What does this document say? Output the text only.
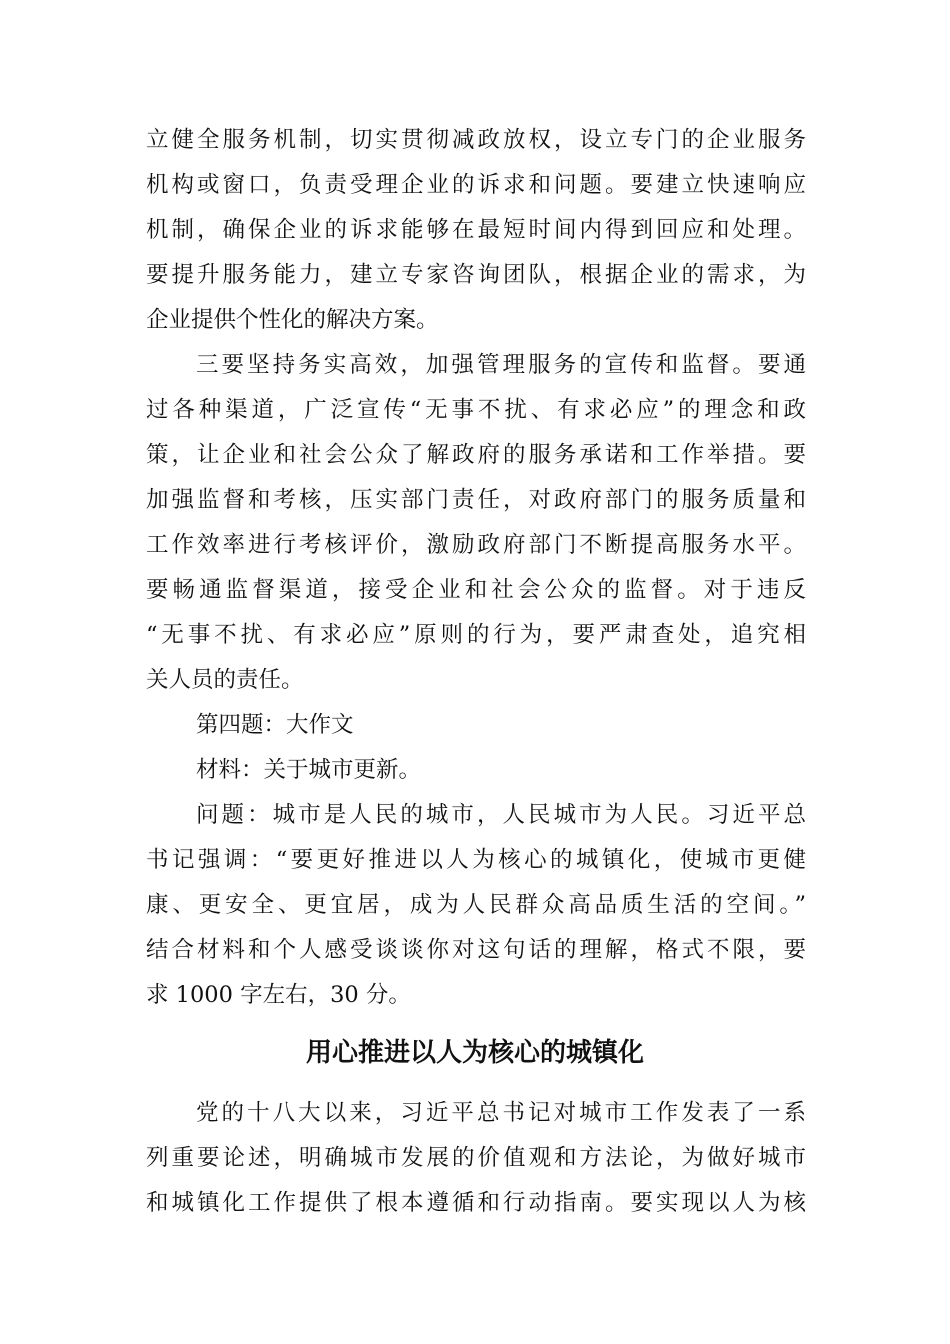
立健全服务机制，切实贯彻减政放权，设立专门的企业服务
机构或窗口，负责受理企业的诉求和问题。要建立快速响应
机制，确保企业的诉求能够在最短时间内得到回应和处理。
要提升服务能力，建立专家咨询团队，根据企业的需求，为
企业提供个性化的解决方案。
三要坚持务实高效，加强管理服务的宣传和监督。要通
过各种渠道，广泛宣传“无事不扰、有求必应”的理念和政
策，让企业和社会公众了解政府的服务承诺和工作举措。要
加强监督和考核，压实部门责任，对政府部门的服务质量和
工作效率进行考核评价，激励政府部门不断提高服务水平。
要畅通监督渠道，接受企业和社会公众的监督。对于违反
“无事不扰、有求必应”原则的行为，要严肃查处，追究相
关人员的责任。
第四题：大作文
材料：关于城市更新。
问题：城市是人民的城市，人民城市为人民。习近平总
书记强调：“要更好推进以人为核心的城镇化，使城市更健
康、更安全、更宜居，成为人民群众高品质生活的空间。”
结合材料和个人感受谈谈你对这句话的理解，格式不限，要
求 1000 字左右，30 分。
用心推进以人为核心的城镇化
党的十八大以来，习近平总书记对城市工作发表了一系
列重要论述，明确城市发展的价值观和方法论，为做好城市
和城镇化工作提供了根本遵循和行动指南。要实现以人为核
